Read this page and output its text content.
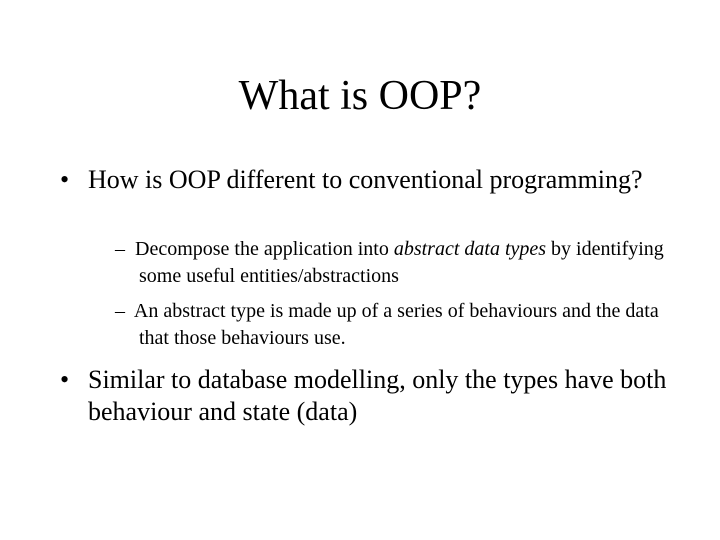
What is OOP?
• How is OOP different to conventional programming?
– Decompose the application into abstract data types by identifying some useful entities/abstractions
– An abstract type is made up of a series of behaviours and the data that those behaviours use.
• Similar to database modelling, only the types have both behaviour and state (data)
